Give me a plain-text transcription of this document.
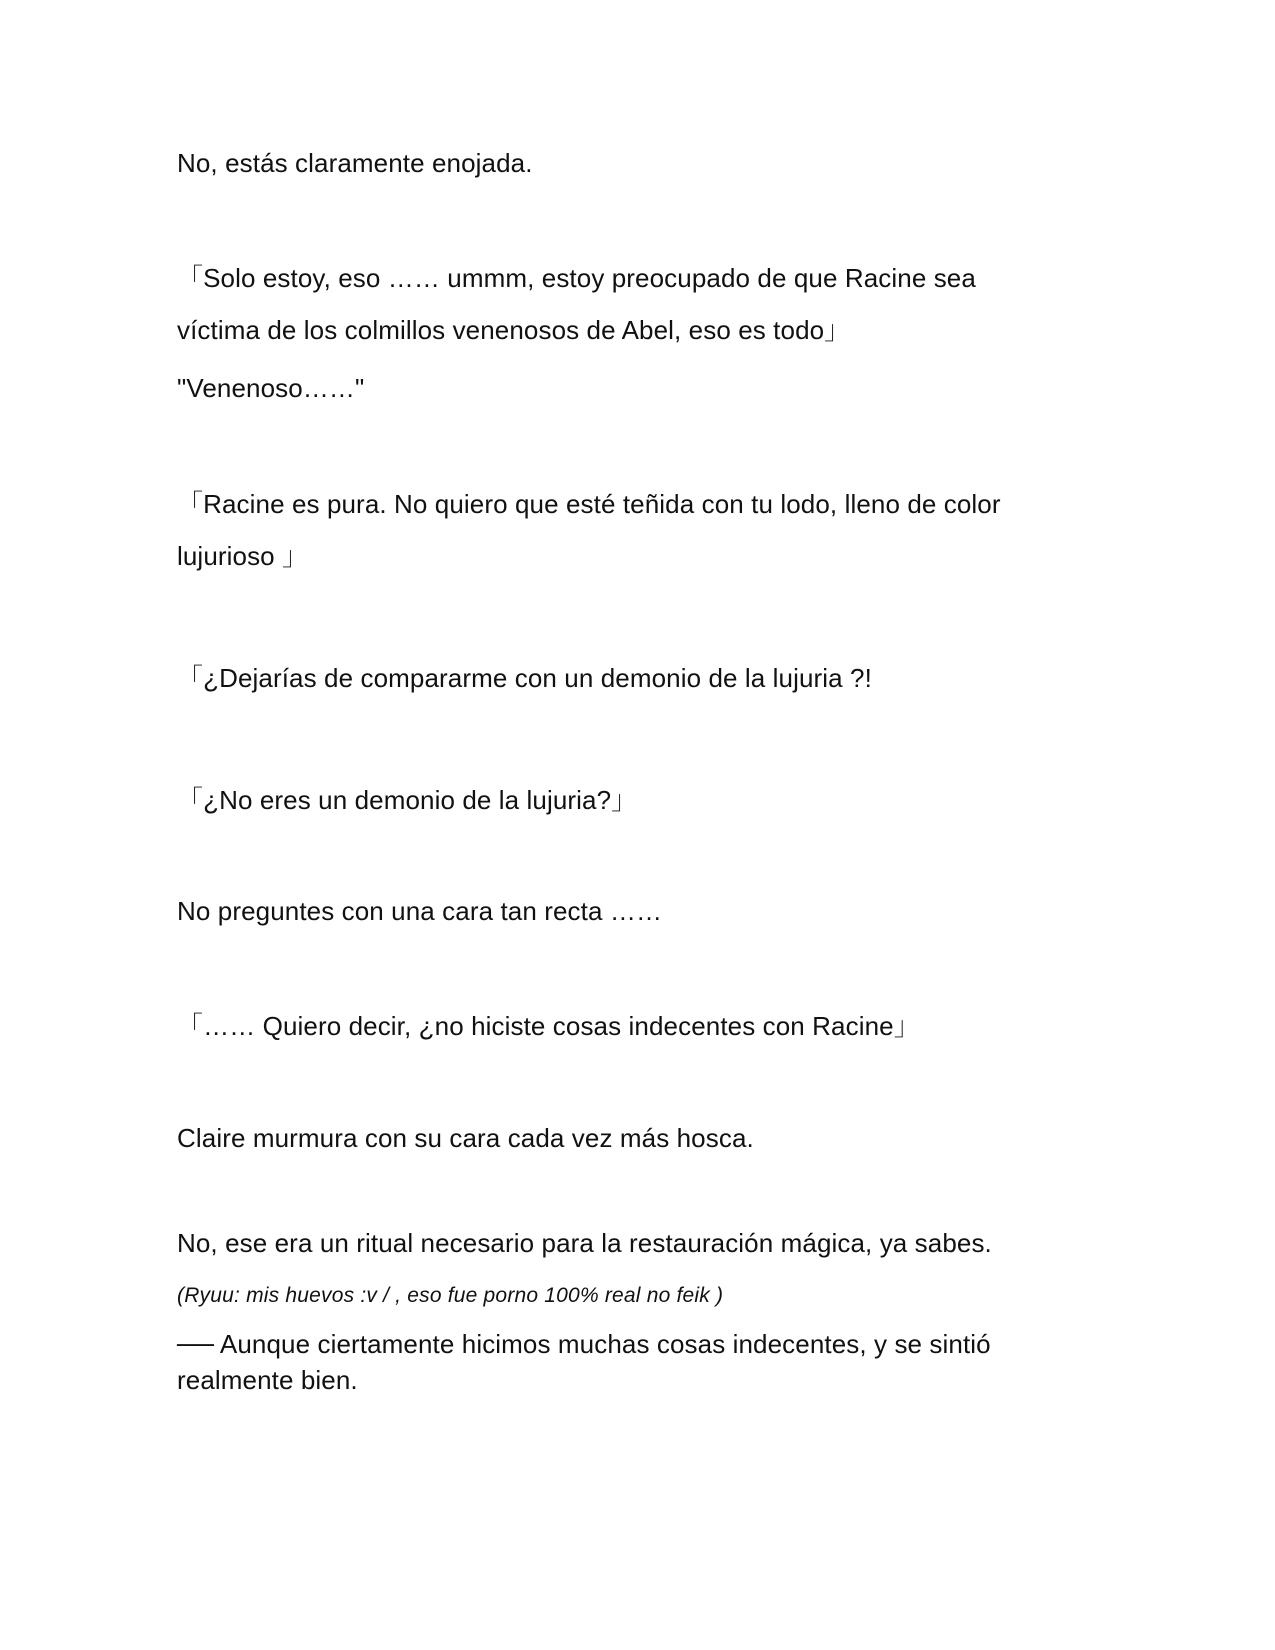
No, estás claramente enojada.
「Solo estoy, eso …… ummm, estoy preocupado de que Racine sea
víctima de los colmillos venenosos de Abel, eso es todo」
"Venenoso……"
「Racine es pura. No quiero que esté teñida con tu lodo, lleno de color
lujurioso 」
「¿Dejarías de compararme con un demonio de la lujuria ?!
「¿No eres un demonio de la lujuria?」
No preguntes con una cara tan recta ……
「…… Quiero decir, ¿no hiciste cosas indecentes con Racine」
Claire murmura con su cara cada vez más hosca.
No, ese era un ritual necesario para la restauración mágica, ya sabes.
(Ryuu: mis huevos :v / , eso fue porno 100% real no feik )
── Aunque ciertamente hicimos muchas cosas indecentes, y se sintió
realmente bien.
